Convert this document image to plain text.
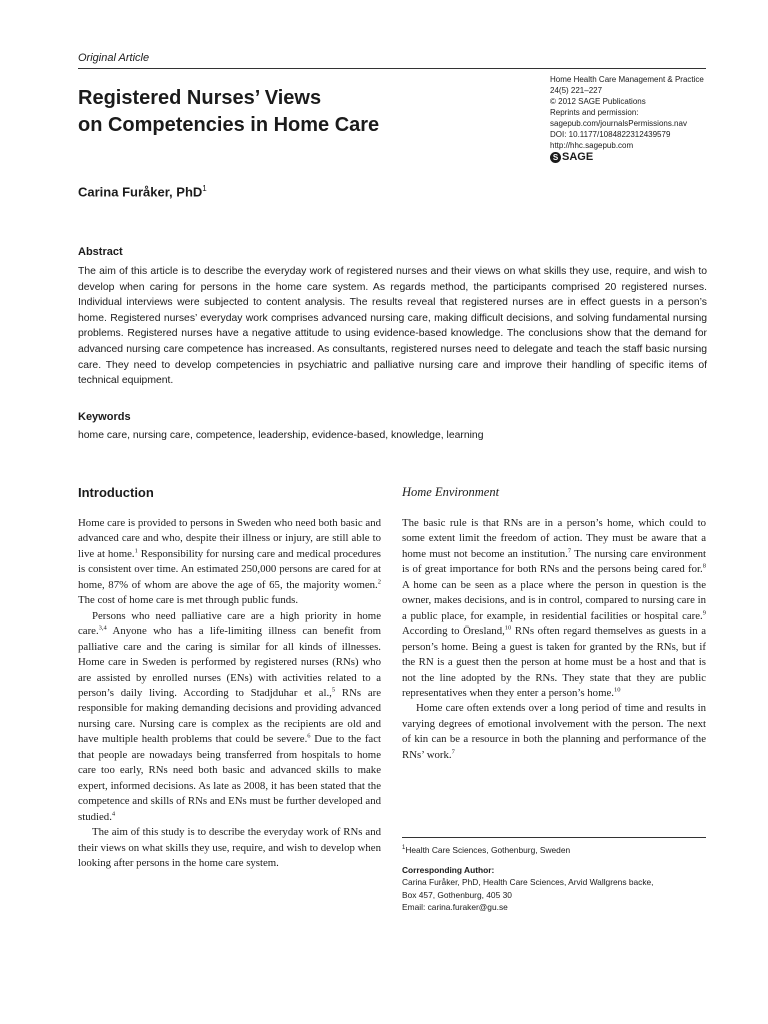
Original Article
Registered Nurses’ Views
on Competencies in Home Care
Home Health Care Management & Practice
24(5) 221–227
© 2012 SAGE Publications
Reprints and permission:
sagepub.com/journalsPermissions.nav
DOI: 10.1177/1084822312439579
http://hhc.sagepub.com
S SAGE
Carina Furåker, PhD$^1$
Abstract
The aim of this article is to describe the everyday work of registered nurses and their views on what skills they use, require, and wish to develop when caring for persons in the home care system. As regards method, the participants comprised 20 registered nurses. Individual interviews were subjected to content analysis. The results reveal that registered nurses are in effect guests in a person’s home. Registered nurses’ everyday work comprises advanced nursing care, making difficult decisions, and solving fundamental nursing problems. Registered nurses have a negative attitude to using evidence-based knowledge. The conclusions show that the demand for advanced nursing care competence has increased. As consultants, registered nurses need to delegate and teach the staff basic nursing care. They need to develop competencies in psychiatric and palliative nursing care and improve their handling of specific items of technical equipment.
Keywords
home care, nursing care, competence, leadership, evidence-based, knowledge, learning
Introduction	Home Environment

Home care is provided to persons in Sweden who need both basic and advanced care and who, despite their illness or injury, are still able to live at home.$^1$ Responsibility for nursing care and medical procedures is consistent over time. An estimated 250,000 persons are cared for at home, 87% of whom are above the age of 65, the majority women.$^2$ The cost of home care is met through public funds.

Persons who need palliative care are a high priority in home care.$^{3,4}$ Anyone who has a life-limiting illness can benefit from palliative care and the caring is similar for all kinds of illnesses. Home care in Sweden is performed by registered nurses (RNs) who are assisted by enrolled nurses (ENs) with activities related to a person’s daily living. According to Stadjduhar et al.,$^5$ RNs are responsible for making demanding decisions and providing advanced nursing care. Nursing care is complex as the recipients are old and have multiple health problems that could be severe.$^6$ Due to the fact that people are nowadays being transferred from hospitals to home care too early, RNs need both basic and advanced skills to make expert, informed decisions. As late as 2008, it has been stated that the competence and skills of RNs and ENs must be further developed and studied.$^4$

The aim of this study is to describe the everyday work of RNs and their views on what skills they use, require, and wish to develop when looking after persons in the home care system.

The basic rule is that RNs are in a person’s home, which could to some extent limit the freedom of action. They must be aware that a home must not become an institution.$^7$ The nursing care environment is of great importance for both RNs and the persons being cared for.$^8$ A home can be seen as a place where the person in question is the owner, makes decisions, and is in control, compared to nursing care in a public place, for example, in residential facilities or hospital care.$^9$ According to Öresland,$^{10}$ RNs often regard themselves as guests in a person’s home. Being a guest is taken for granted by the RNs, but if the RN is a guest then the person at home must be a host and that is not the line adopted by the RNs. They state that they are public representatives when they enter a person’s home.$^{10}$

Home care often extends over a long period of time and results in varying degrees of emotional involvement with the person. The next of kin can be a resource in both the planning and performance of the RNs’ work.$^7$

$^1$Health Care Sciences, Gothenburg, Sweden
Corresponding Author:
Carina Furåker, PhD, Health Care Sciences, Arvid Wallgrens backe,
Box 457, Gothenburg, 405 30
Email: carina.furaker@gu.se
